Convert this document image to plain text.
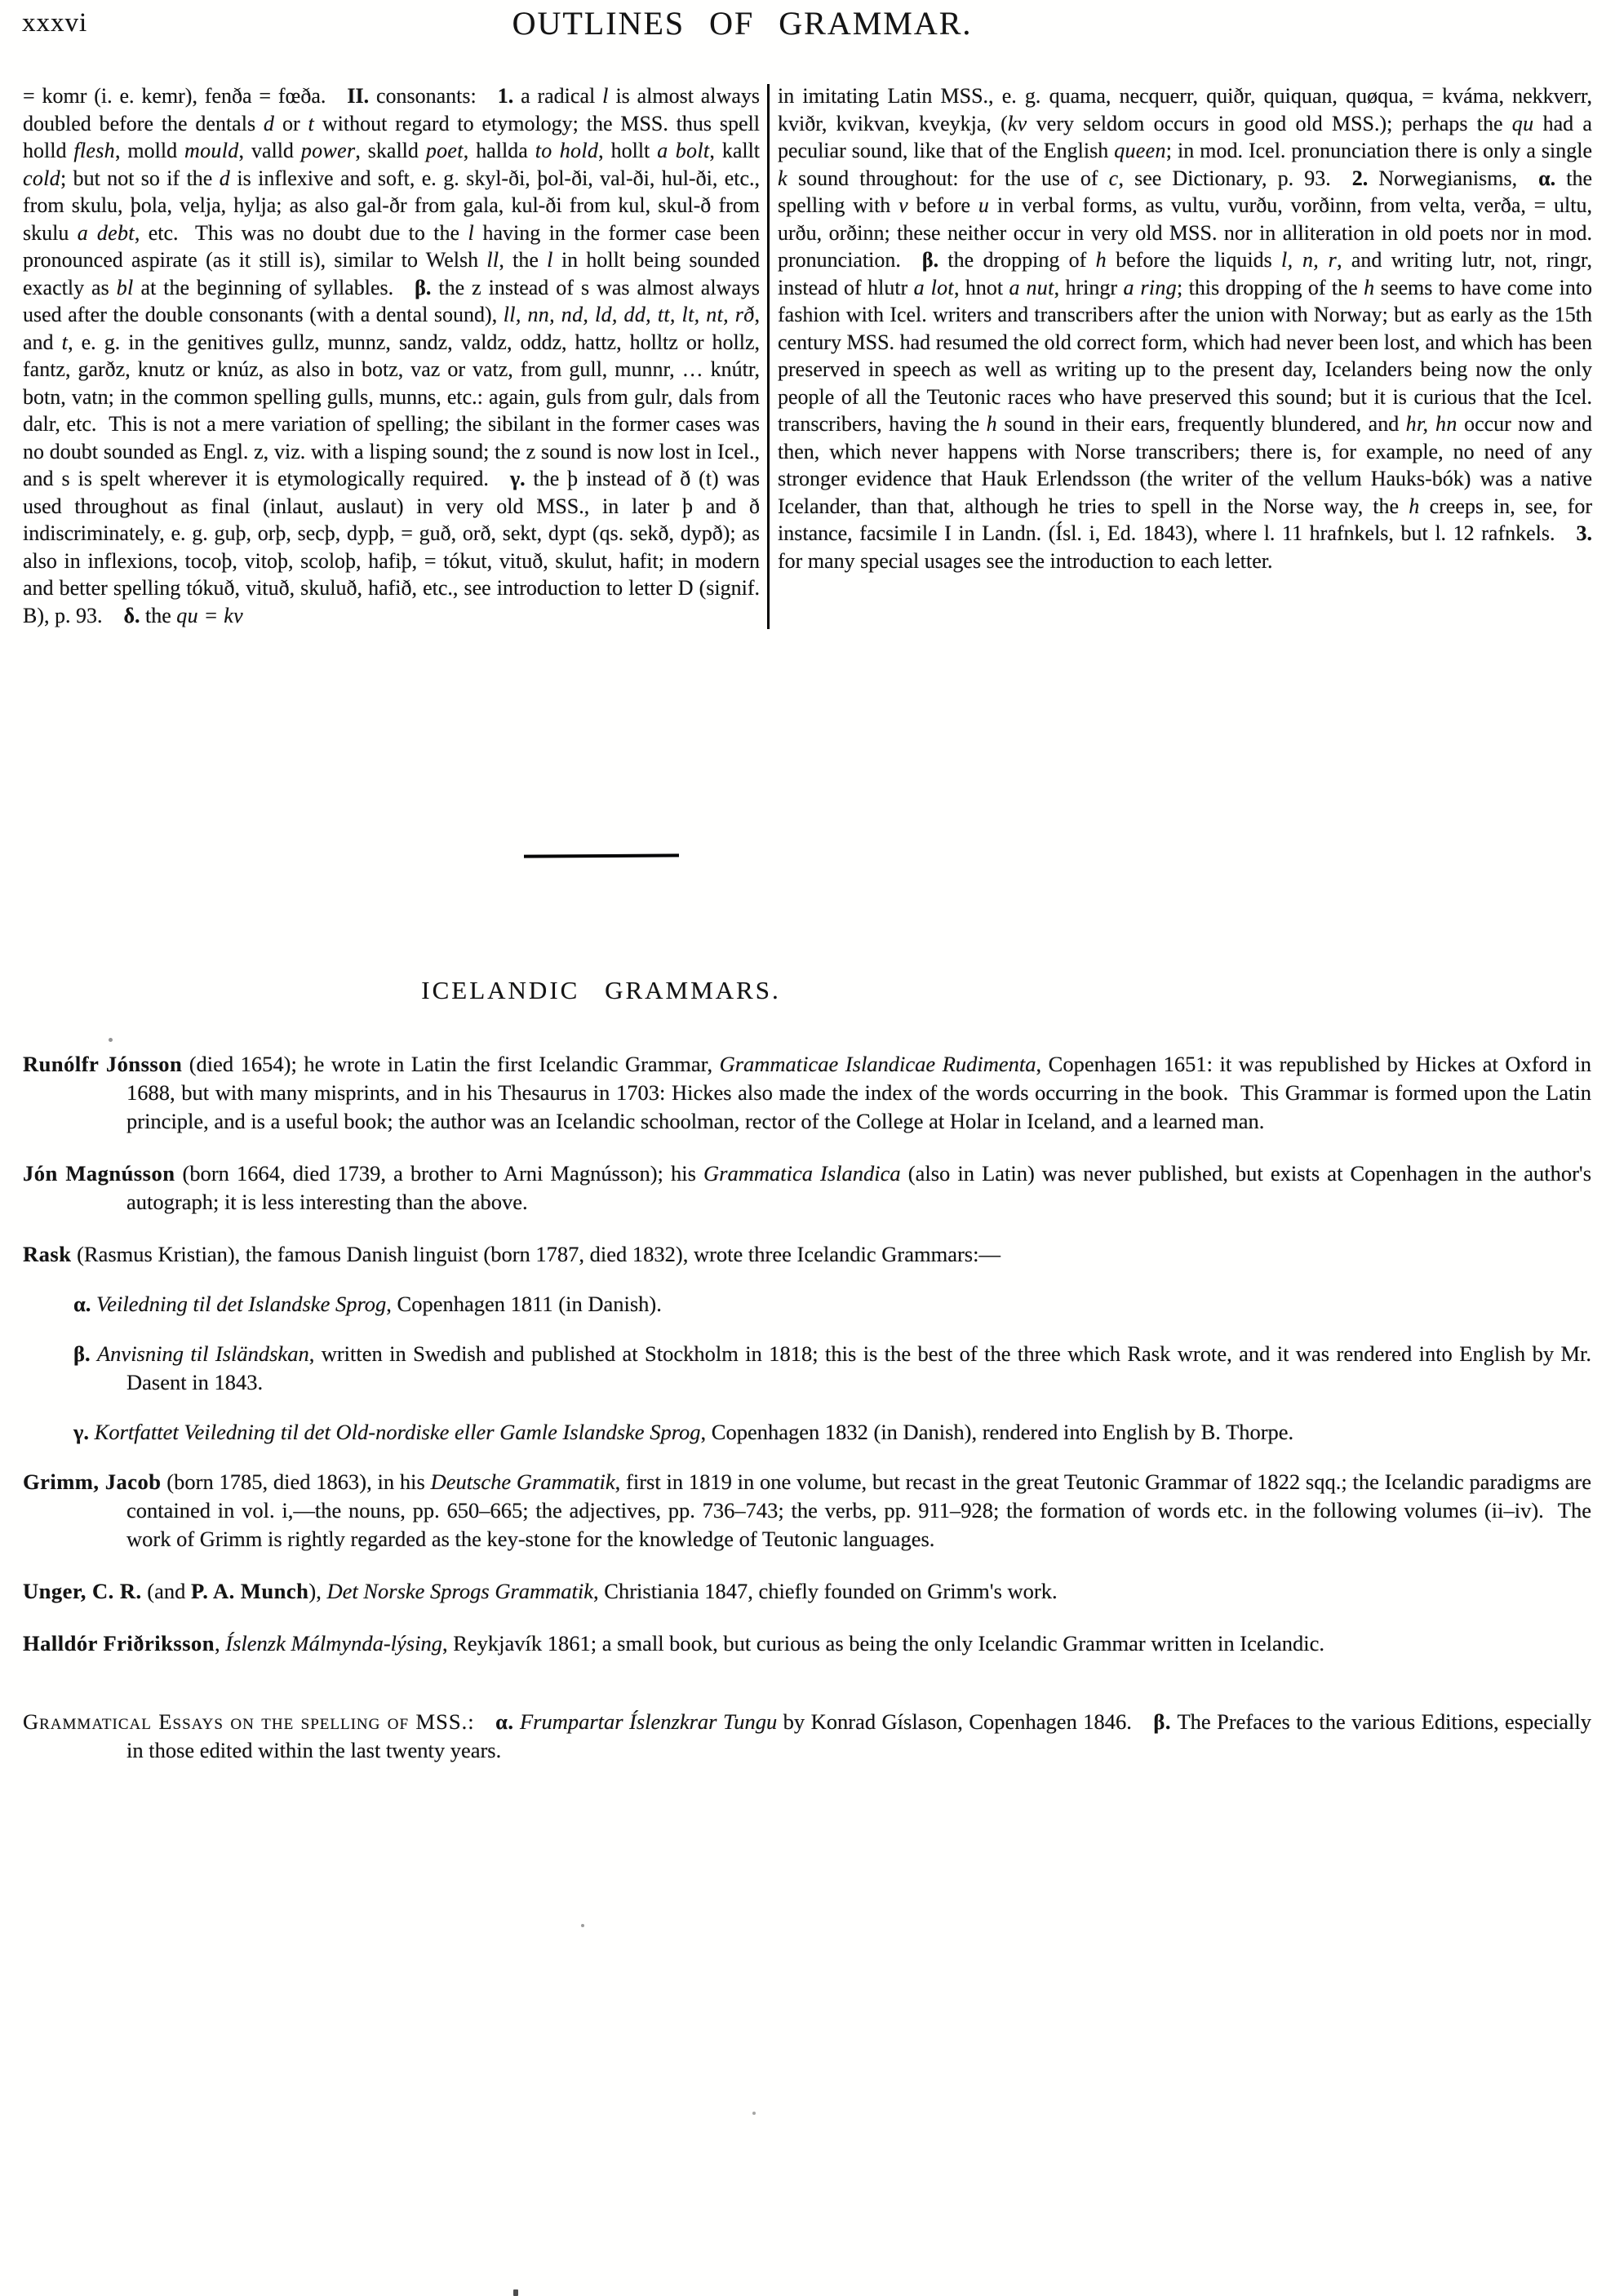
xxxvi	OUTLINES OF GRAMMAR.
= komr (i. e. kemr), fenða = fœða. II. consonants: 1. a radical l is almost always doubled before the dentals d or t without regard to etymology; the MSS. thus spell holld flesh, molld mould, valld power, skalld poet, hallda to hold, hollt a bolt, kallt cold; but not so if the d is inflexive and soft, e. g. skyl-ði, þol-ði, val-ði, hul-ði, etc., from skulu, þola, velja, hylja; as also gal-ðr from gala, kul-ði from kul, skul-ð from skulu a debt, etc.  This was no doubt due to the l having in the former case been pronounced aspirate (as it still is), similar to Welsh ll, the l in hollt being sounded exactly as bl at the beginning of syllables. β. the z instead of s was almost always used after the double consonants (with a dental sound), ll, nn, nd, ld, dd, tt, lt, nt, rð, and t, e. g. in the genitives gullz, munnz, sandz, valdz, oddz, hattz, holltz or hollz, fantz, garðz, knutz or knúz, as also in botz, vaz or vatz, from gull, munnr, … knútr, botn, vatn; in the common spelling gulls, munns, etc.: again, guls from gulr, dals from dalr, etc.  This is not a mere variation of spelling; the sibilant in the former cases was no doubt sounded as Engl. z, viz. with a lisping sound; the z sound is now lost in Icel., and s is spelt wherever it is etymologically required. γ. the þ instead of ð (t) was used throughout as final (inlaut, auslaut) in very old MSS., in later þ and ð indiscriminately, e. g. guþ, orþ, secþ, dypþ, = guð, orð, sekt, dypt (qs. sekð, dypð); as also in inflexions, tocoþ, vitoþ, scoloþ, hafiþ, = tókut, vituð, skulut, hafit; in modern and better spelling tókuð, vituð, skuluð, hafið, etc., see introduction to letter D (signif. B), p. 93. δ. the qu = kv
in imitating Latin MSS., e. g. quama, necquerr, quiðr, quiquan, quøqua, = kváma, nekkverr, kviðr, kvikvan, kveykja, (kv very seldom occurs in good old MSS.); perhaps the qu had a peculiar sound, like that of the English queen; in mod. Icel. pronunciation there is only a single k sound throughout: for the use of c, see Dictionary, p. 93. 2. Norwegianisms, α. the spelling with v before u in verbal forms, as vultu, vurðu, vorðinn, from velta, verða, = ultu, urðu, orðinn; these neither occur in very old MSS. nor in alliteration in old poets nor in mod. pronunciation. β. the dropping of h before the liquids l, n, r, and writing lutr, not, ringr, instead of hlutr a lot, hnot a nut, hringr a ring; this dropping of the h seems to have come into fashion with Icel. writers and transcribers after the union with Norway; but as early as the 15th century MSS. had resumed the old correct form, which had never been lost, and which has been preserved in speech as well as writing up to the present day, Icelanders being now the only people of all the Teutonic races who have preserved this sound; but it is curious that the Icel. transcribers, having the h sound in their ears, frequently blundered, and hr, hn occur now and then, which never happens with Norse transcribers; there is, for example, no need of any stronger evidence that Hauk Erlendsson (the writer of the vellum Hauks-bók) was a native Icelander, than that, although he tries to spell in the Norse way, the h creeps in, see, for instance, facsimile I in Landn. (Ísl. i, Ed. 1843), where l. 11 hrafnkels, but l. 12 rafnkels. 3. for many special usages see the introduction to each letter.
ICELANDIC GRAMMARS.

Runólfr Jónsson (died 1654); he wrote in Latin the first Icelandic Grammar, Grammaticae Islandicae Rudimenta, Copenhagen 1651: it was republished by Hickes at Oxford in 1688, but with many misprints, and in his Thesaurus in 1703: Hickes also made the index of the words occurring in the book.  This Grammar is formed upon the Latin principle, and is a useful book; the author was an Icelandic schoolman, rector of the College at Holar in Iceland, and a learned man.

Jón Magnússon (born 1664, died 1739, a brother to Arni Magnússon); his Grammatica Islandica (also in Latin) was never published, but exists at Copenhagen in the author's autograph; it is less interesting than the above.

Rask (Rasmus Kristian), the famous Danish linguist (born 1787, died 1832), wrote three Icelandic Grammars:—

α. Veiledning til det Islandske Sprog, Copenhagen 1811 (in Danish).

β. Anvisning til Isländskan, written in Swedish and published at Stockholm in 1818; this is the best of the three which Rask wrote, and it was rendered into English by Mr. Dasent in 1843.

γ. Kortfattet Veiledning til det Old-nordiske eller Gamle Islandske Sprog, Copenhagen 1832 (in Danish), rendered into English by B. Thorpe.

Grimm, Jacob (born 1785, died 1863), in his Deutsche Grammatik, first in 1819 in one volume, but recast in the great Teutonic Grammar of 1822 sqq.; the Icelandic paradigms are contained in vol. i,—the nouns, pp. 650–665; the adjectives, pp. 736–743; the verbs, pp. 911–928; the formation of words etc. in the following volumes (ii–iv).  The work of Grimm is rightly regarded as the key-stone for the knowledge of Teutonic languages.

Unger, C. R. (and P. A. Munch), Det Norske Sprogs Grammatik, Christiania 1847, chiefly founded on Grimm's work.

Halldór Friðriksson, Íslenzk Málmynda-lýsing, Reykjavík 1861; a small book, but curious as being the only Icelandic Grammar written in Icelandic.

Grammatical Essays on the spelling of MSS.: α. Frumpartar Íslenzkrar Tungu by Konrad Gíslason, Copenhagen 1846. β. The Prefaces to the various Editions, especially in those edited within the last twenty years.
